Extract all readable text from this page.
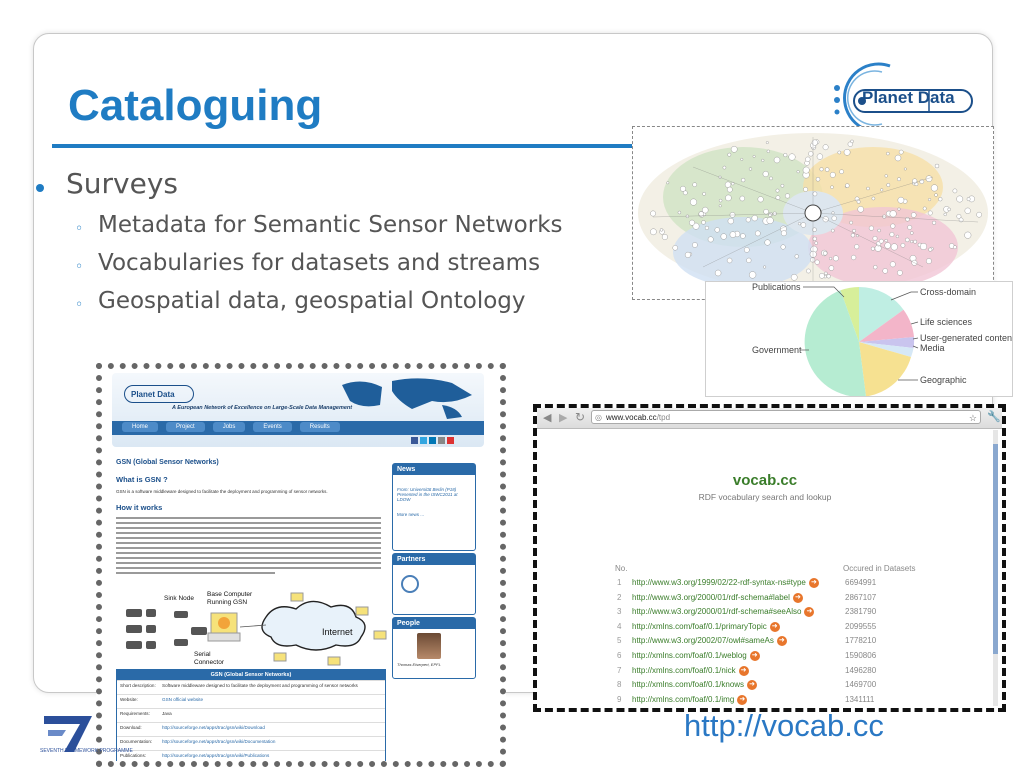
Cataloguing	Planet Data
Surveys
◦ Metadata for Semantic Sensor Networks
◦ Vocabularies for datasets and streams
◦ Geospatial data, geospatial Ontology
Publications	Cross-domain
Life sciences
User-generated content
Media
Government
Geographic
Planet Data
A European Network of Excellence on Large-Scale Data Management
Home	Project	Jobs	Events	Results
GSN (Global Sensor Networks)
What is GSN ?
GSN is a software middleware designed to facilitate the deployment and programming of sensor networks.
How it works
Sink Node
Base Computer Running GSN
Internet
Serial Connector
News
From: Universität Berlin (P18) Presented in the ISWC2011 at LDOW
More news ...
Partners
People
Thomas Eiserpert, EPFL
GSN (Global Sensor Networks)
Short description:	Software middleware designed to facilitate the deployment and programming of sensor networks
Website:	GSN official website
Requirements:	Java
Download:	http://sourceforge.net/apps/trac/gsn/wiki/Download
Documentation:	http://sourceforge.net/apps/trac/gsn/wiki/Documentation
Publications:	http://sourceforge.net/apps/trac/gsn/wiki/Publications
◀ ▶ ↻ ◎ www.vocab.cc/tpd	☆ 🔧
vocab.cc
RDF vocabulary search and lookup
No.	Occured in Datasets
1 http://www.w3.org/1999/02/22-rdf-syntax-ns#type ➜	6694991
2 http://www.w3.org/2000/01/rdf-schema#label ➜	2867107
3 http://www.w3.org/2000/01/rdf-schema#seeAlso ➜	2381790
4 http://xmlns.com/foaf/0.1/primaryTopic ➜	2099555
5 http://www.w3.org/2002/07/owl#sameAs ➜	1778210
6 http://xmlns.com/foaf/0.1/weblog ➜	1590806
7 http://xmlns.com/foaf/0.1/nick ➜	1496280
8 http://xmlns.com/foaf/0.1/knows ➜	1469700
9 http://xmlns.com/foaf/0.1/img ➜	1341111
http://vocab.cc
SEVENTH FRAMEWORK PROGRAMME
